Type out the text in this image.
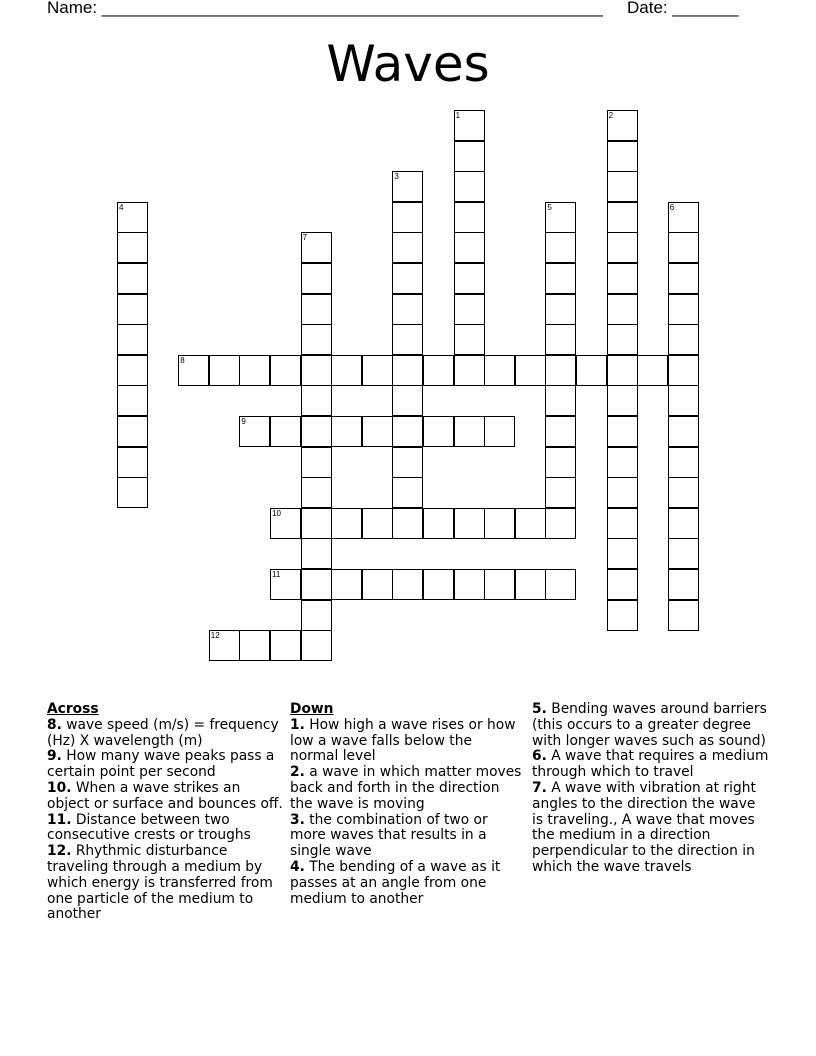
Name: _____________________________________________________ Date: _______
Waves
1	2
3
4	5	6
7
8
9
10
11
12
Across

8. wave speed (m/s) = frequency (Hz) X wavelength (m)

9. How many wave peaks pass a certain point per second

10. When a wave strikes an object or surface and bounces off.

11. Distance between two consecutive crests or troughs

12. Rhythmic disturbance traveling through a medium by which energy is transferred from one particle of the medium to another

Down

1. How high a wave rises or how low a wave falls below the normal level

2. a wave in which matter moves back and forth in the direction the wave is moving

3. the combination of two or more waves that results in a single wave

4. The bending of a wave as it passes at an angle from one medium to another

5. Bending waves around barriers (this occurs to a greater degree with longer waves such as sound)

6. A wave that requires a medium through which to travel

7. A wave with vibration at right angles to the direction the wave is traveling., A wave that moves the medium in a direction perpendicular to the direction in which the wave travels
